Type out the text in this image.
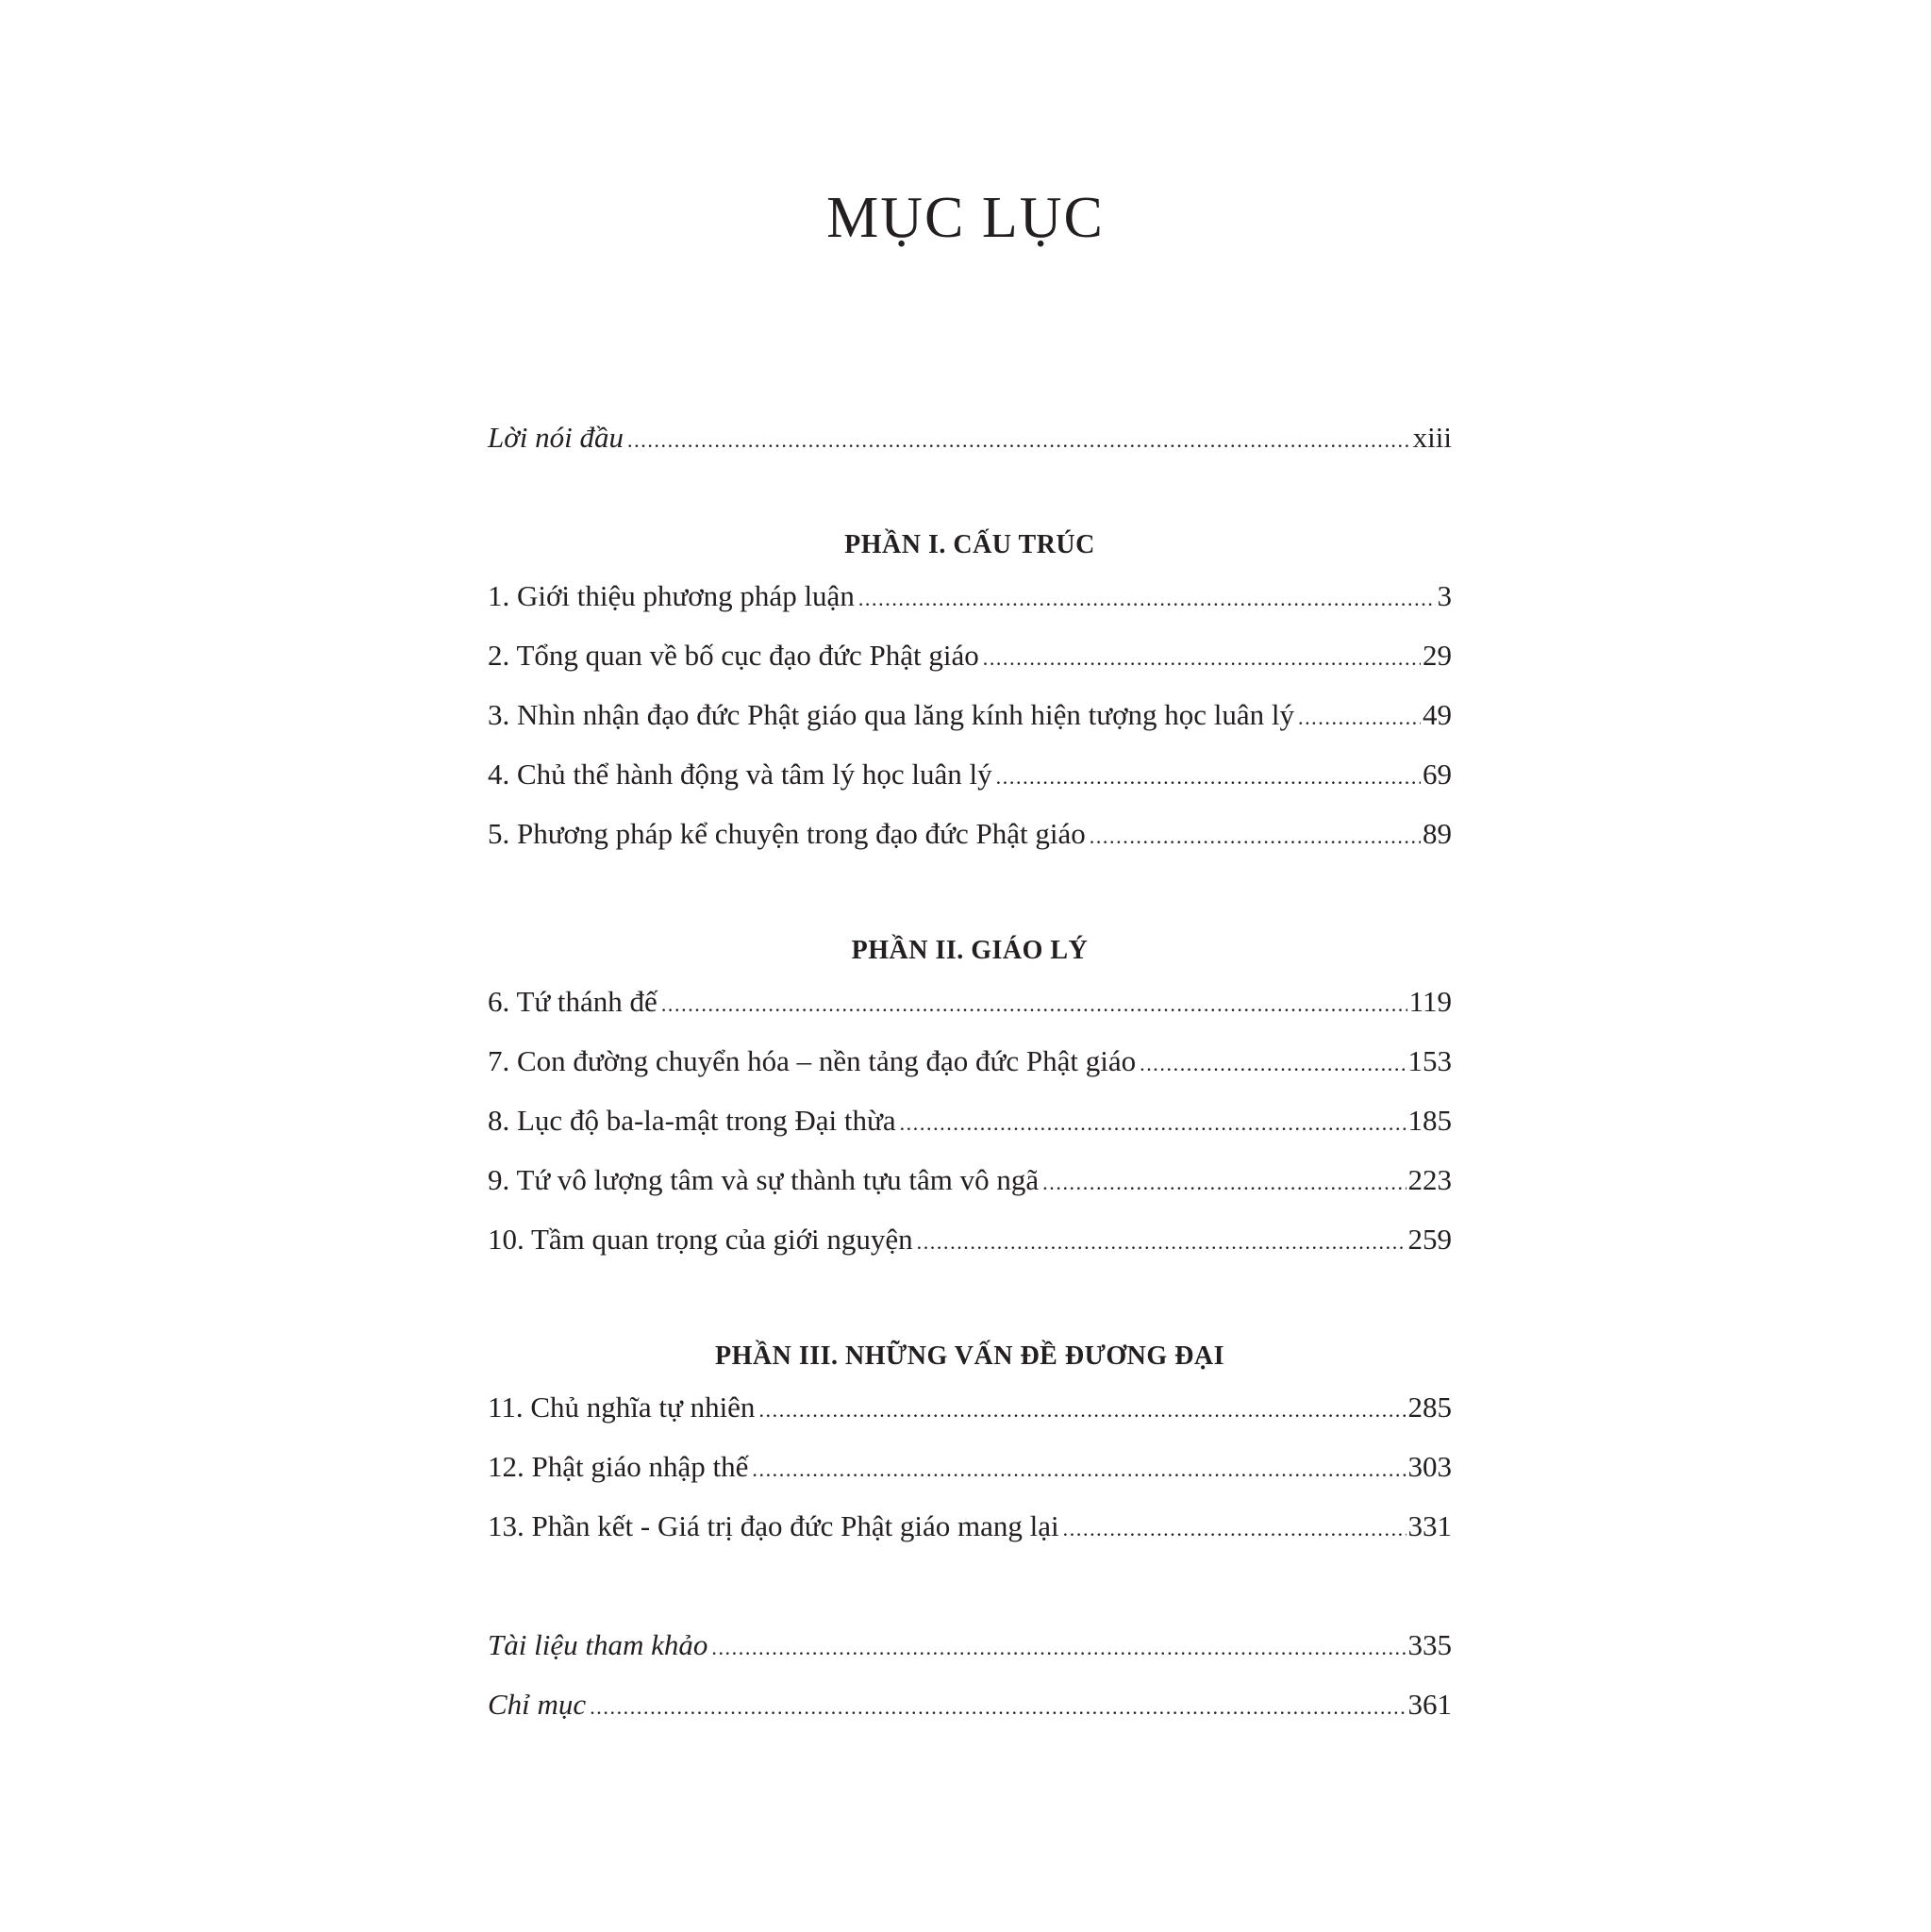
MỤC LỤC
Lời nói đầu .....	xiii
PHẦN I. CẤU TRÚC
1. Giới thiệu phương pháp luận .....	3
2. Tổng quan về bố cục đạo đức Phật giáo .....	29
3. Nhìn nhận đạo đức Phật giáo qua lăng kính hiện tượng học luân lý .....	49
4. Chủ thể hành động và tâm lý học luân lý .....	69
5. Phương pháp kể chuyện trong đạo đức Phật giáo .....	89
PHẦN II. GIÁO LÝ
6. Tứ thánh đế .....	119
7. Con đường chuyển hóa – nền tảng đạo đức Phật giáo .....	153
8. Lục độ ba-la-mật trong Đại thừa .....	185
9. Tứ vô lượng tâm và sự thành tựu tâm vô ngã .....	223
10. Tầm quan trọng của giới nguyện .....	259
PHẦN III. NHỮNG VẤN ĐỀ ĐƯƠNG ĐẠI
11. Chủ nghĩa tự nhiên .....	285
12. Phật giáo nhập thế .....	303
13. Phần kết - Giá trị đạo đức Phật giáo mang lại .....	331
Tài liệu tham khảo .....	335
Chỉ mục .....	361
